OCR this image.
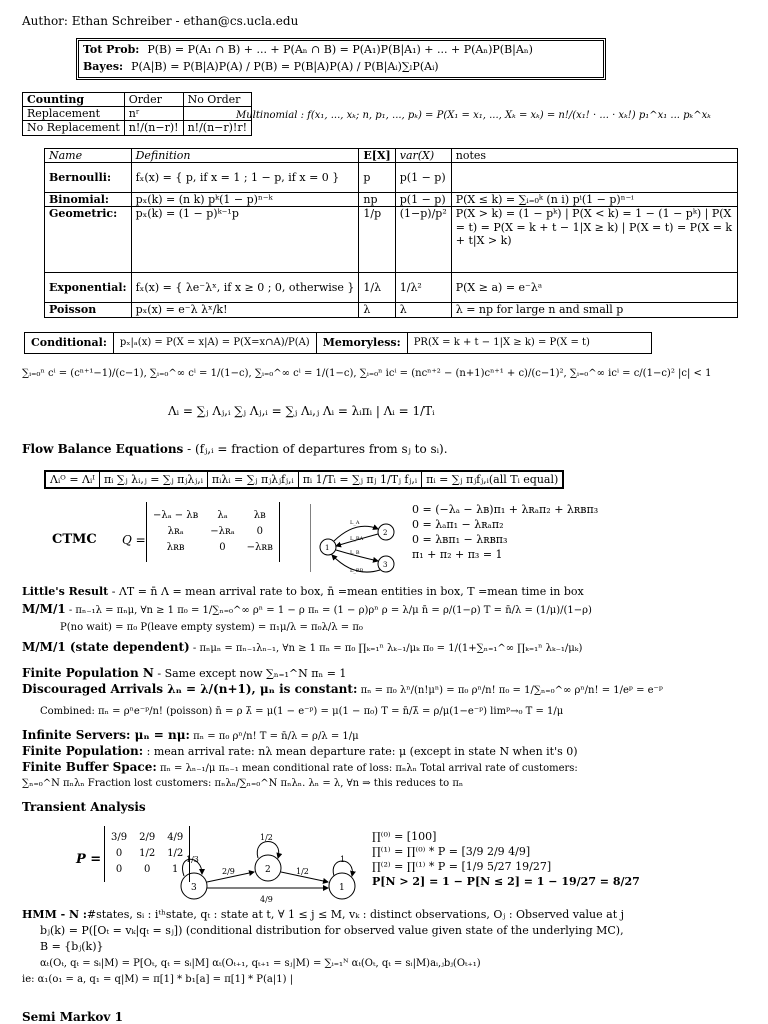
Author: Ethan Schreiber - ethan@cs.ucla.edu
Tot Prob: P(B) = P(A₁ ∩ B) + ... + P(Aₙ ∩ B) = P(A₁)P(B|A₁) + ... + P(Aₙ)P(B|Aₙ)
Bayes: P(A|B) = P(B|A)P(A) / P(B) = P(B|A)P(A) / P(B|Aᵢ)∑ₗP(Aᵢ)
Counting	Order	No Order
Replacement	nʳ	
No Replacement	n!/(n−r)!	n!/(n−r)!r!
Multinomial : f(x₁, ..., xₖ; n, p₁, ..., pₖ) = P(X₁ = x₁, ..., Xₖ = xₖ) = n!/(x₁! · ... · xₖ!) p₁^x₁ ... pₖ^xₖ
Name	Definition	E[X]	var(X)	notes
Bernoulli:	fₓ(x) = { p, if x = 1 ; 1 − p, if x = 0 }	p	p(1 − p)	
Binomial:	pₓ(k) = (n k) pᵏ(1 − p)ⁿ⁻ᵏ	np	p(1 − p)	P(X ≤ k) = ∑ᵢ₌₀ᵏ (n i) pⁱ(1 − p)ⁿ⁻ⁱ
Geometric:	pₓ(k) = (1 − p)ᵏ⁻¹p	1/p	(1−p)/p²	P(X > k) = (1 − pᵏ) | P(X < k) = 1 − (1 − pᵏ) | P(X = t) = P(X = k + t − 1|X ≥ k) | P(X = t) = P(X = k + t|X > k)
Exponential:	fₓ(x) = { λe⁻λˣ, if x ≥ 0 ; 0, otherwise }	1/λ	1/λ²	P(X ≥ a) = e⁻λᵃ
Poisson	pₓ(x) = e⁻λ λˣ/k!	λ	λ	λ = np for large n and small p
Conditional:	pₓ|ₐ(x) = P(X = x|A) = P(X=x∩A)/P(A)	Memoryless:	PR(X = k + t − 1|X ≥ k) = P(X = t)
∑ᵢ₌₀ⁿ cⁱ = (cⁿ⁺¹−1)/(c−1), ∑ᵢ₌₀^∞ cⁱ = 1/(1−c), ∑ᵢ₌₀^∞ cⁱ = 1/(1−c), ∑ᵢ₌₀ⁿ icⁱ = (ncⁿ⁺² − (n+1)cⁿ⁺¹ + c)/(c−1)², ∑ᵢ₌₀^∞ icⁱ = c/(1−c)² |c| < 1
Λᵢ = ∑ⱼ Λⱼ,ᵢ ∑ⱼ Λⱼ,ᵢ = ∑ⱼ Λᵢ,ⱼ Λᵢ = λᵢπᵢ | Λᵢ = 1/Tᵢ
Flow Balance Equations - (fⱼ,ᵢ = fraction of departures from sⱼ to sᵢ).
Λᵢᴼ = Λᵢᴵ	πᵢ ∑ⱼ λᵢ,ⱼ = ∑ⱼ πⱼλⱼ,ᵢ	πᵢλᵢ = ∑ⱼ πⱼλⱼfⱼ,ᵢ	πᵢ 1/Tᵢ = ∑ⱼ πⱼ 1/Tⱼ fⱼ,ᵢ	πᵢ = ∑ⱼ πⱼfⱼ,ᵢ(all Tᵢ equal)
CTMC Q =
−λₐ − λʙ	λₐ	λʙ
λʀₐ	−λʀₐ	0
λʀʙ	0	−λʀʙ	1
2
3
L_A
L_RA
L_B
L_RB
0 = (−λₐ − λʙ)π₁ + λʀₐπ₂ + λʀʙπ₃
0 = λₐπ₁ − λʀₐπ₂
0 = λʙπ₁ − λʀʙπ₃
π₁ + π₂ + π₃ = 1
Little's Result - ΛT = n̄ Λ = mean arrival rate to box, n̄ =mean entities in box, T =mean time in box
M/M/1 - πₙ₋₁λ = πₙμ, ∀n ≥ 1 π₀ = 1/∑ₙ₌₀^∞ ρⁿ = 1 − ρ πₙ = (1 − ρ)ρⁿ ρ = λ/μ n̄ = ρ/(1−ρ) T = n̄/λ = (1/μ)/(1−ρ)
P(no wait) = π₀ P(leave empty system) = π₁μ/λ = π₀λ/λ = π₀
M/M/1 (state dependent) - πₙμₙ = πₙ₋₁λₙ₋₁, ∀n ≥ 1 πₙ = π₀ ∏ₖ₌₁ⁿ λₖ₋₁/μₖ π₀ = 1/(1+∑ₙ₌₁^∞ ∏ₖ₌₁ⁿ λₖ₋₁/μₖ)
Finite Population N - Same except now ∑ₙ₌₁^N πₙ = 1
Discouraged Arrivals λₙ = λ/(n+1), μₙ is constant: πₙ = π₀ λⁿ/(n!μⁿ) = π₀ ρⁿ/n! π₀ = 1/∑ₙ₌₀^∞ ρⁿ/n! = 1/eᵖ = e⁻ᵖ
Combined: πₙ = ρⁿe⁻ᵖ/n! (poisson) n̄ = ρ λ̄ = μ(1 − e⁻ᵖ) = μ(1 − π₀) T = n̄/λ̄ = ρ/μ(1−e⁻ᵖ) limᵖ→₀ T = 1/μ
Infinite Servers: μₙ = nμ: πₙ = π₀ ρⁿ/n! T = n̄/λ = ρ/λ = 1/μ
Finite Population: : mean arrival rate: nλ mean departure rate: μ (except in state N when it's 0)
Finite Buffer Space: πₙ = λₙ₋₁/μ πₙ₋₁ mean conditional rate of loss: πₙλₙ Total arrival rate of customers:
∑ₙ₌₀^N πₙλₙ Fraction lost customers: πₙλₙ/∑ₙ₌₀^N πₙλₙ. λₙ = λ, ∀n ⇒ this reduces to πₙ
Transient Analysis
P =
3/9	2/9	4/9
0	1/2	1/2
0	0	1
3
2
1
1/2
1/3	1
2/9	1/2
4/9
∏⁽⁰⁾ = [100]
∏⁽¹⁾ = ∏⁽⁰⁾ * P = [3/9 2/9 4/9]
∏⁽²⁾ = ∏⁽¹⁾ * P = [1/9 5/27 19/27]
P[N > 2] = 1 − P[N ≤ 2] = 1 − 19/27 = 8/27
HMM - N :#states, sᵢ : iᵗʰstate, qₜ : state at t, ∀ 1 ≤ j ≤ M, vₖ : distinct observations, Oⱼ : Observed value at j
bⱼ(k) = P([Oₜ = vₖ|qₜ = sⱼ]) (conditional distribution for observed value given state of the underlying MC),
B = {bⱼ(k)}
αₜ(Oₜ, qₜ = sᵢ|M) = P[Oₜ, qₜ = sᵢ|M] αₜ(Oₜ₊₁, qₜ₊₁ = sⱼ|M) = ∑ᵢ₌₁ᴺ αₜ(Oₜ, qₜ = sᵢ|M)aᵢ,ⱼbⱼ(Oₜ₊₁)
ie: α₁(o₁ = a, q₁ = q|M) = π[1] * b₁[a] = π[1] * P(a|1) |
Semi Markov 1
